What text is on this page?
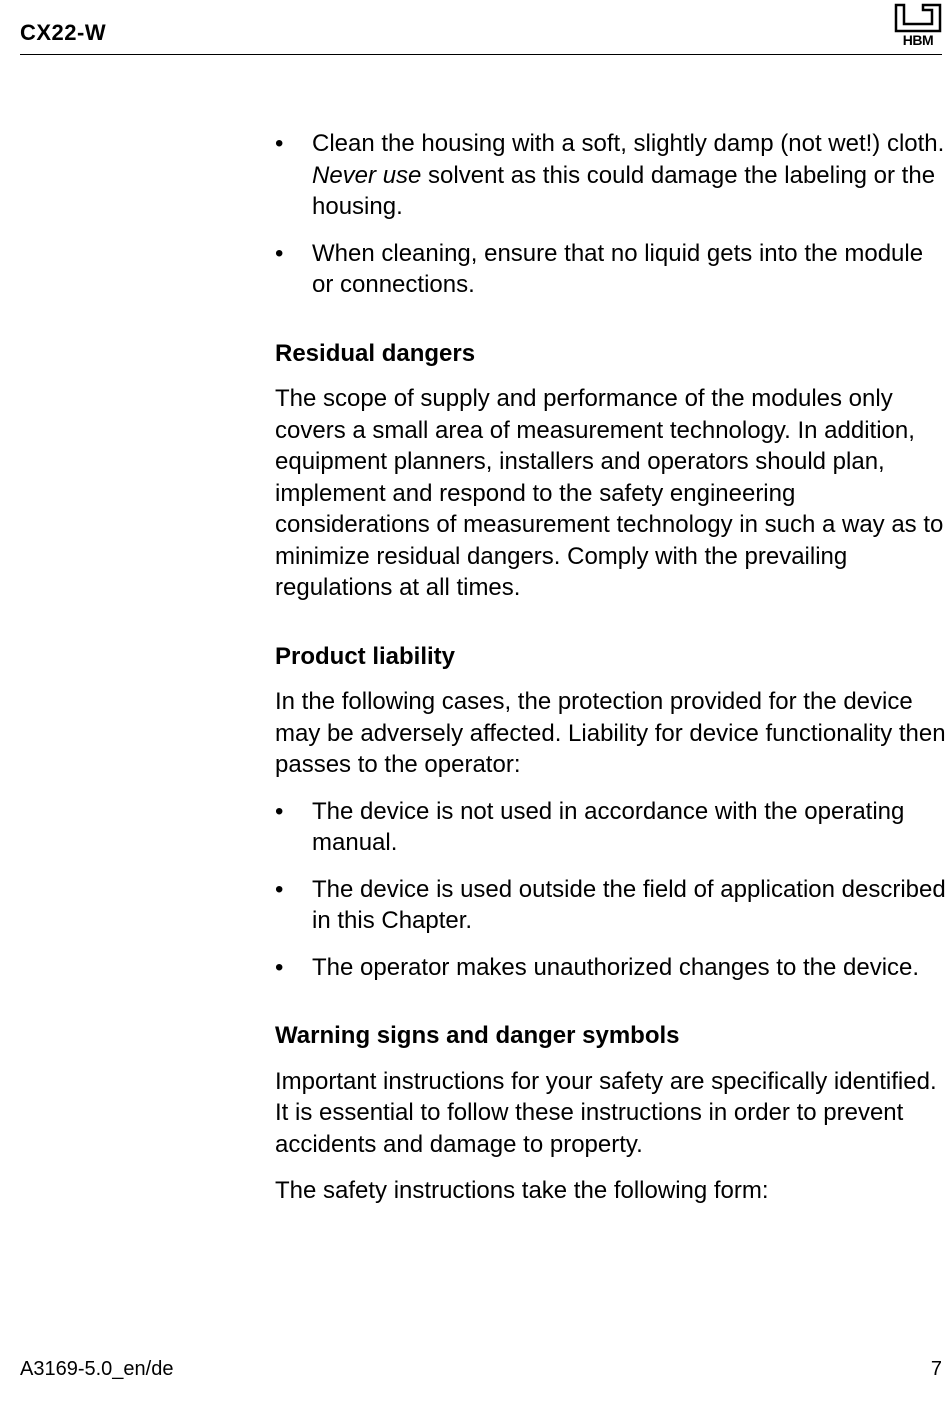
CX22-W	HBM
• Clean the housing with a soft, slightly damp (not wet!) cloth. Never use solvent as this could damage the labeling or the housing.
• When cleaning, ensure that no liquid gets into the module or connections.
Residual dangers
The scope of supply and performance of the modules only covers a small area of measurement technology. In addition, equipment planners, installers and operators should plan, implement and respond to the safety engineering considerations of measurement technology in such a way as to minimize residual dangers. Comply with the prevailing regulations at all times.
Product liability
In the following cases, the protection provided for the device may be adversely affected. Liability for device functionality then passes to the operator:
• The device is not used in accordance with the operating manual.
• The device is used outside the field of application described in this Chapter.
• The operator makes unauthorized changes to the device.
Warning signs and danger symbols
Important instructions for your safety are specifically identified. It is essential to follow these instructions in order to prevent accidents and damage to property.
The safety instructions take the following form:
A3169-5.0_en/de	7
